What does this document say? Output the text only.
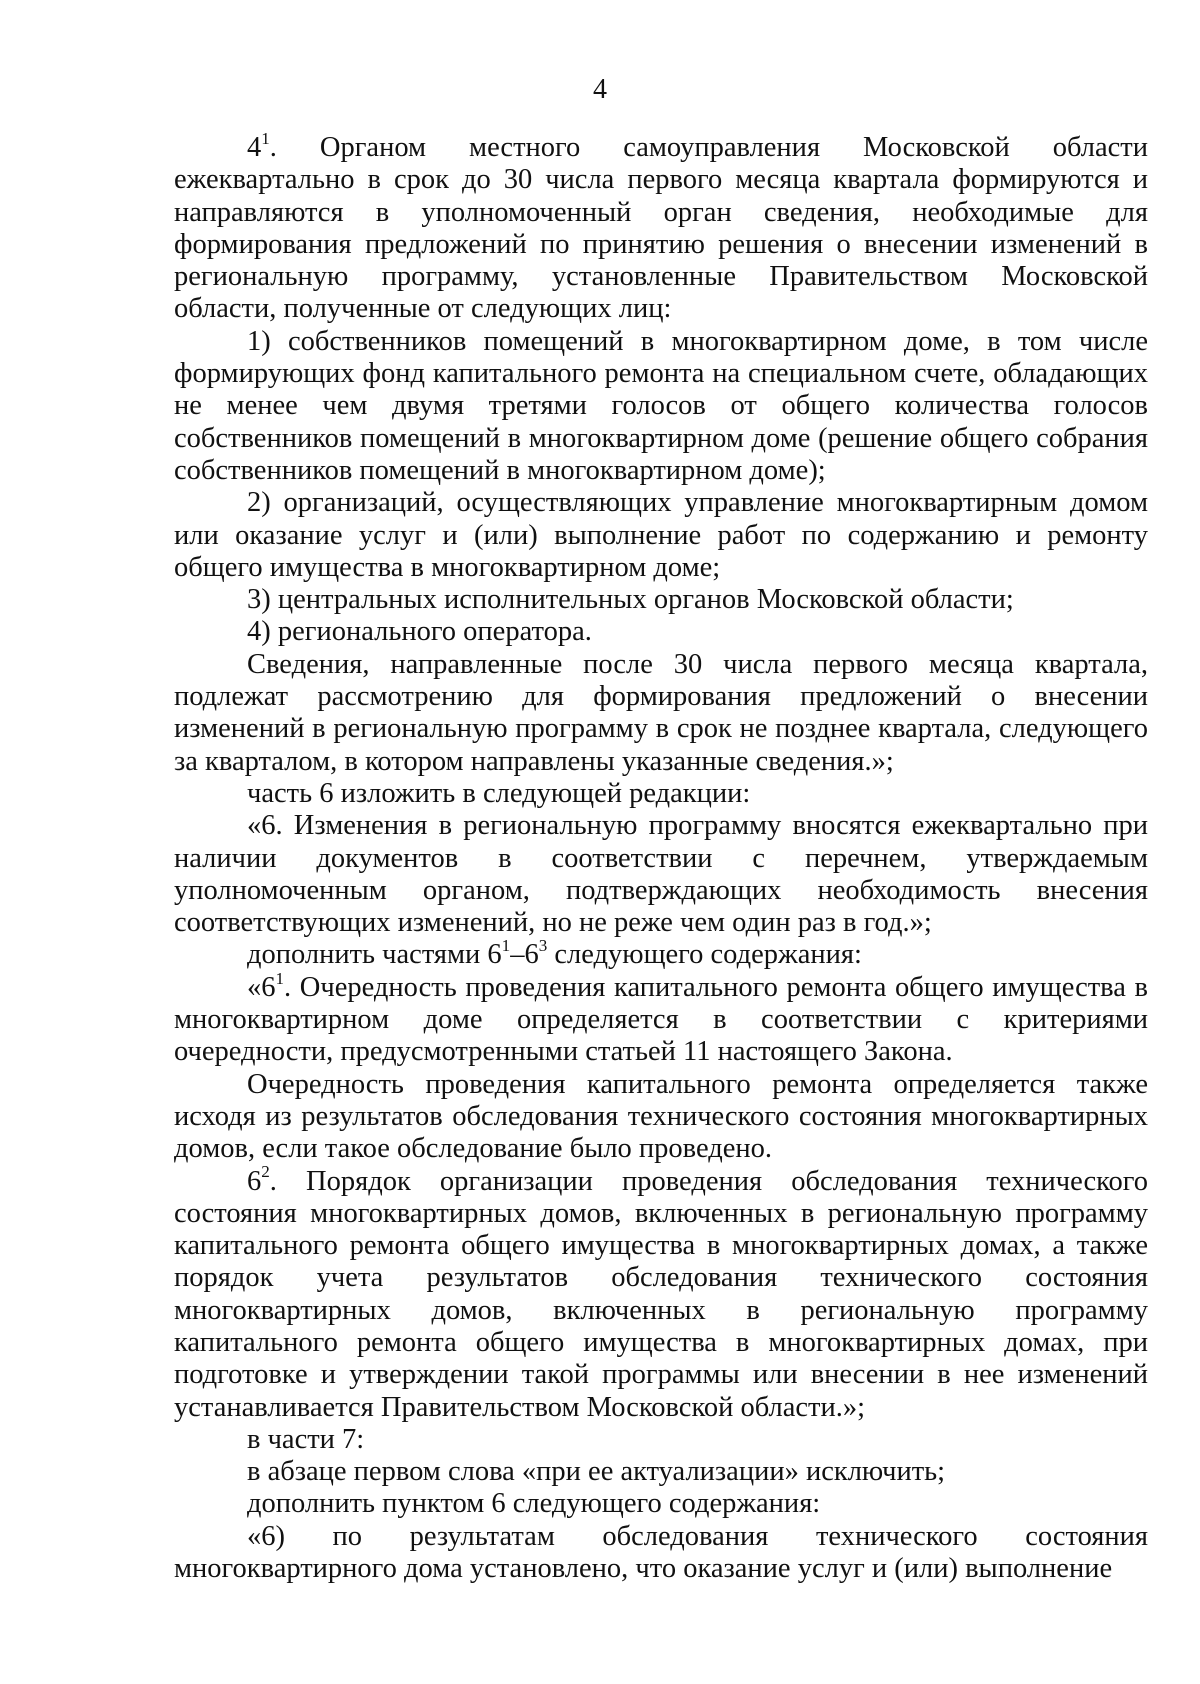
4

$4^1$. Органом местного самоуправления Московской области ежеквартально в срок до 30 числа первого месяца квартала формируются и направляются в уполномоченный орган сведения, необходимые для формирования предложений по принятию решения о внесении изменений в региональную программу, установленные Правительством Московской области, полученные от следующих лиц:

1) собственников помещений в многоквартирном доме, в том числе формирующих фонд капитального ремонта на специальном счете, обладающих не менее чем двумя третями голосов от общего количества голосов собственников помещений в многоквартирном доме (решение общего собрания собственников помещений в многоквартирном доме);

2) организаций, осуществляющих управление многоквартирным домом или оказание услуг и (или) выполнение работ по содержанию и ремонту общего имущества в многоквартирном доме;

3) центральных исполнительных органов Московской области;

4) регионального оператора.

Сведения, направленные после 30 числа первого месяца квартала, подлежат рассмотрению для формирования предложений о внесении изменений в региональную программу в срок не позднее квартала, следующего за кварталом, в котором направлены указанные сведения.»;

часть 6 изложить в следующей редакции:

«6. Изменения в региональную программу вносятся ежеквартально при наличии документов в соответствии с перечнем, утверждаемым уполномоченным органом, подтверждающих необходимость внесения соответствующих изменений, но не реже чем один раз в год.»;

дополнить частями $6^1-6^3$ следующего содержания:

«$6^1$. Очередность проведения капитального ремонта общего имущества в многоквартирном доме определяется в соответствии с критериями очередности, предусмотренными статьей 11 настоящего Закона.

Очередность проведения капитального ремонта определяется также исходя из результатов обследования технического состояния многоквартирных домов, если такое обследование было проведено.

$6^2$. Порядок организации проведения обследования технического состояния многоквартирных домов, включенных в региональную программу капитального ремонта общего имущества в многоквартирных домах, а также порядок учета результатов обследования технического состояния многоквартирных домов, включенных в региональную программу капитального ремонта общего имущества в многоквартирных домах, при подготовке и утверждении такой программы или внесении в нее изменений устанавливается Правительством Московской области.»;

в части 7:

в абзаце первом слова «при ее актуализации» исключить;

дополнить пунктом 6 следующего содержания:

«6) по результатам обследования технического состояния многоквартирного дома установлено, что оказание услуг и (или) выполнение
